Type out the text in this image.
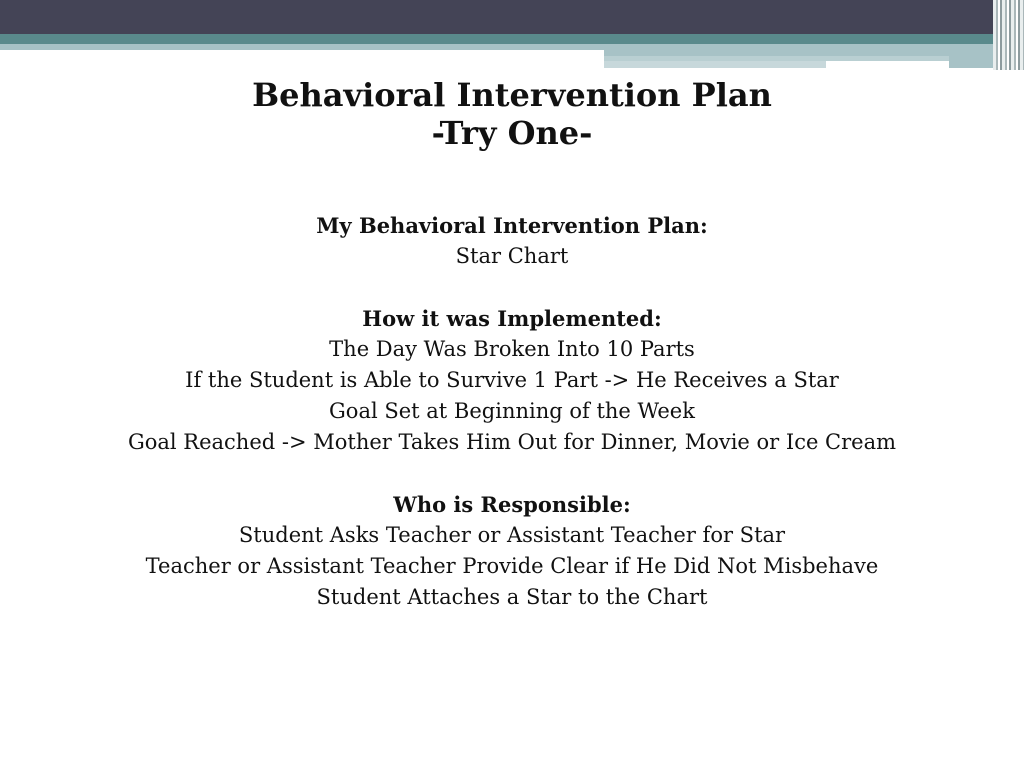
Behavioral Intervention Plan
-Try One-
My Behavioral Intervention Plan:
Star Chart
How it was Implemented:
The Day Was Broken Into 10 Parts
If the Student is Able to Survive 1 Part -> He Receives a Star
Goal Set at Beginning of the Week
Goal Reached -> Mother Takes Him Out for Dinner, Movie or Ice Cream
Who is Responsible:
Student Asks Teacher or Assistant Teacher for Star
Teacher or Assistant Teacher Provide Clear if He Did Not Misbehave
Student Attaches a Star to the Chart
